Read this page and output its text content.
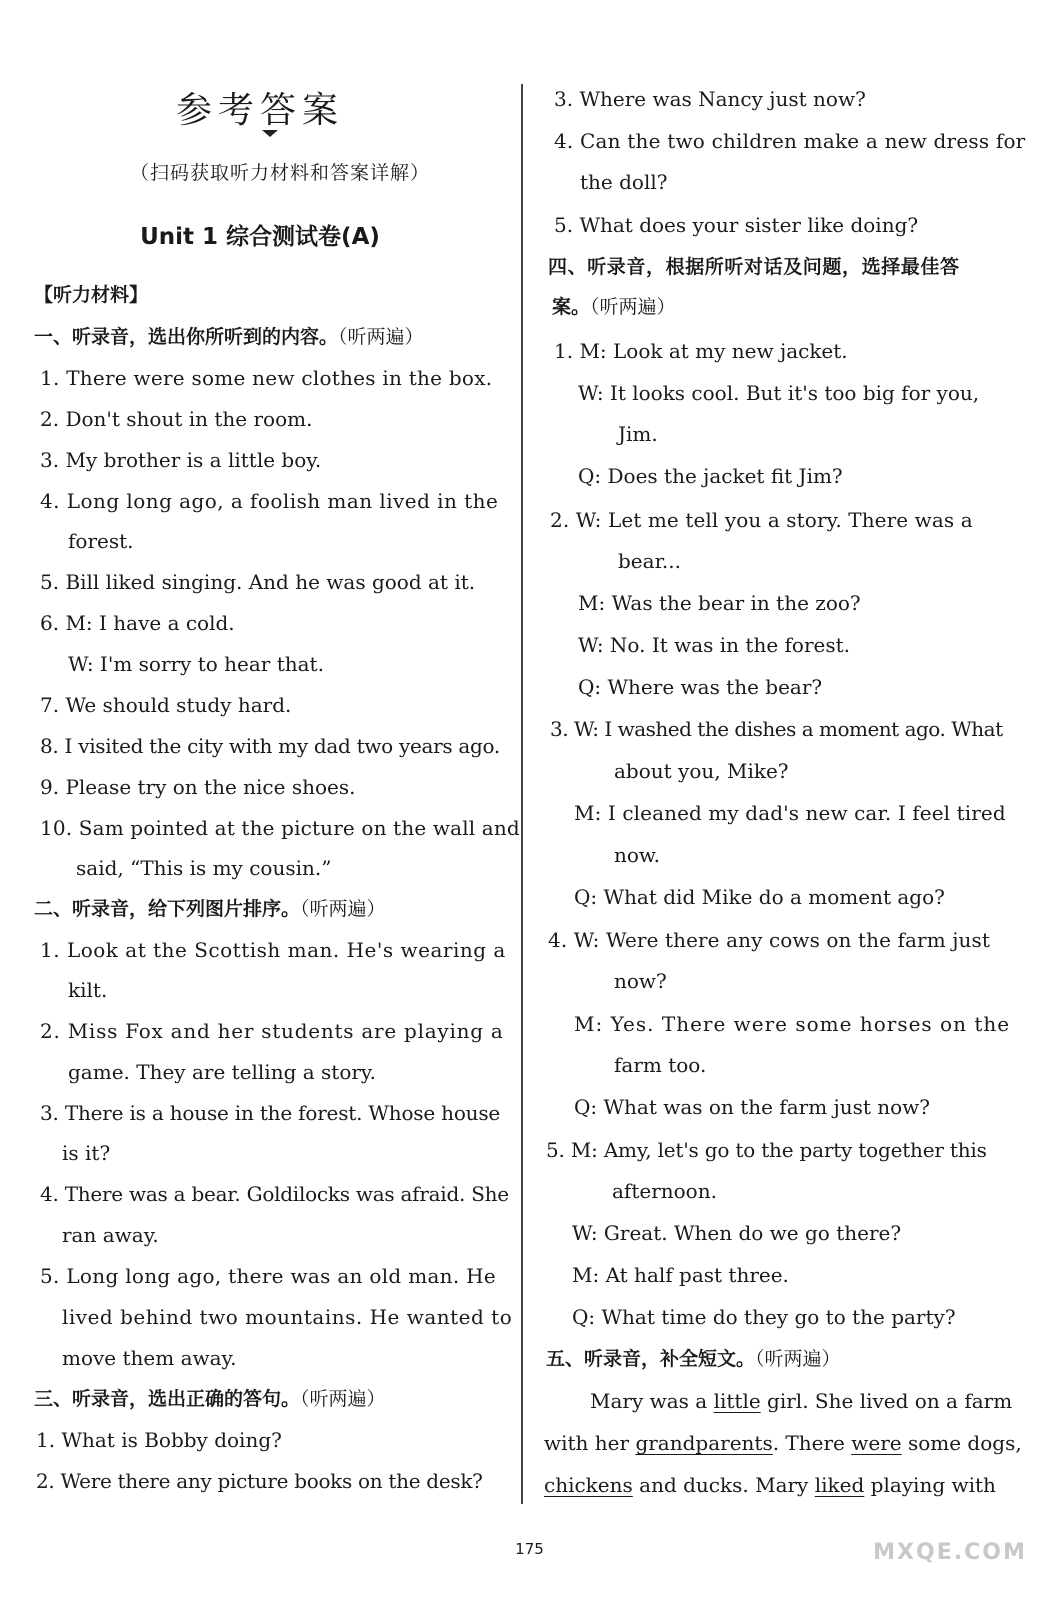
参考答案
（扫码获取听力材料和答案详解）
Unit 1 综合测试卷(A)

【听力材料】

一、听录音，选出你所听到的内容。（听两遍）

1. There were some new clothes in the box.

2. Don't shout in the room.

3. My brother is a little boy.

4. Long long ago, a foolish man lived in the

forest.

5. Bill liked singing. And he was good at it.

6. M: I have a cold.

W: I'm sorry to hear that.

7. We should study hard.

8. I visited the city with my dad two years ago.

9. Please try on the nice shoes.

10. Sam pointed at the picture on the wall and

said, “This is my cousin.”

二、听录音，给下列图片排序。（听两遍）

1. Look at the Scottish man. He's wearing a

kilt.

2. Miss Fox and her students are playing a

game. They are telling a story.

3. There is a house in the forest. Whose house

is it?

4. There was a bear. Goldilocks was afraid. She

ran away.

5. Long long ago, there was an old man. He

lived behind two mountains. He wanted to

move them away.

三、听录音，选出正确的答句。（听两遍）

1. What is Bobby doing?

2. Were there any picture books on the desk?

3. Where was Nancy just now?

4. Can the two children make a new dress for

the doll?

5. What does your sister like doing?

四、听录音，根据所听对话及问题，选择最佳答

案。（听两遍）

1. M: Look at my new jacket.

W: It looks cool. But it's too big for you,

Jim.

Q: Does the jacket fit Jim?

2. W: Let me tell you a story. There was a

bear...

M: Was the bear in the zoo?

W: No. It was in the forest.

Q: Where was the bear?

3. W: I washed the dishes a moment ago. What

about you, Mike?

M: I cleaned my dad's new car. I feel tired

now.

Q: What did Mike do a moment ago?

4. W: Were there any cows on the farm just

now?

M: Yes. There were some horses on the

farm too.

Q: What was on the farm just now?

5. M: Amy, let's go to the party together this

afternoon.

W: Great. When do we go there?

M: At half past three.

Q: What time do they go to the party?

五、听录音，补全短文。（听两遍）

Mary was a little girl. She lived on a farm

with her grandparents. There were some dogs,

chickens and ducks. Mary liked playing with

175	MXQE.COM
